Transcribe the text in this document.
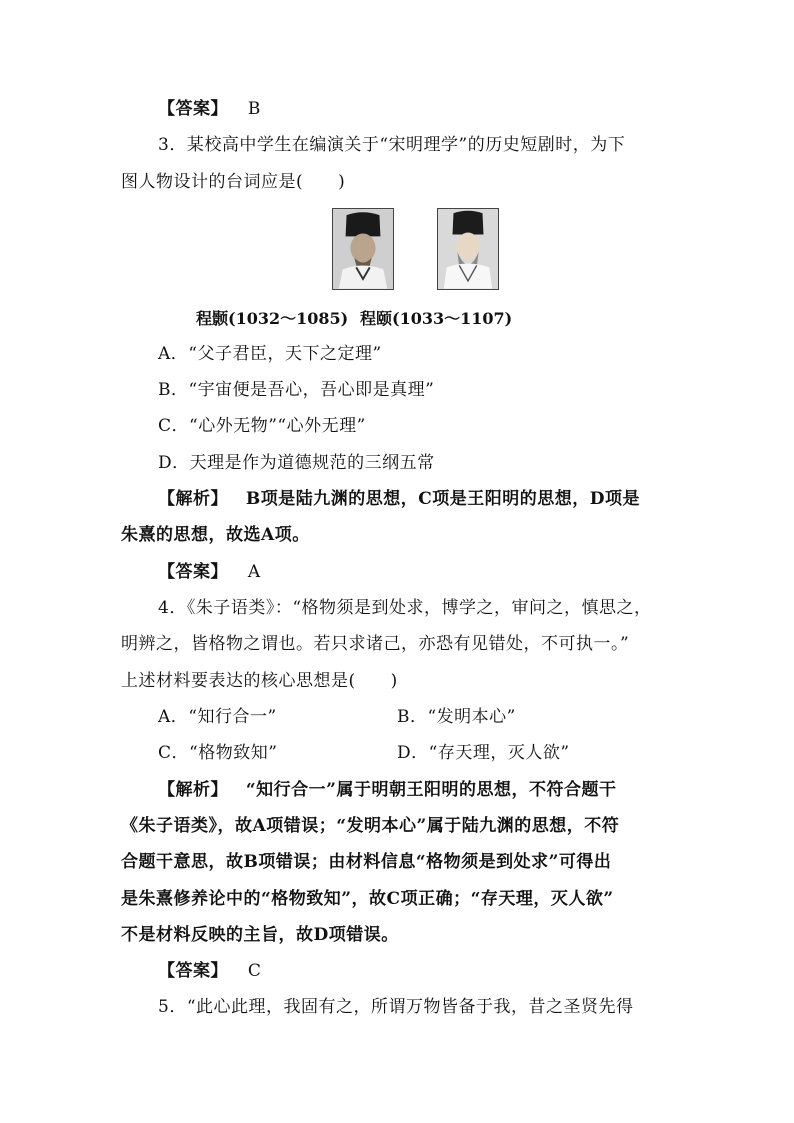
【答案】 B
3．某校高中学生在编演关于“宋明理学”的历史短剧时，为下
图人物设计的台词应是(　　)
程颢(1032～1085) 程颐(1033～1107)
A．“父子君臣，天下之定理”
B．“宇宙便是吾心，吾心即是真理”
C．“心外无物”“心外无理”
D．天理是作为道德规范的三纲五常
【解析】 B项是陆九渊的思想，C项是王阳明的思想，D项是
朱熹的思想，故选A项。
【答案】 A
4．《朱子语类》：“格物须是到处求，博学之，审问之，慎思之，
明辨之，皆格物之谓也。若只求诸己，亦恐有见错处，不可执一。”
上述材料要表达的核心思想是(　　)
A．“知行合一”	B．“发明本心”
C．“格物致知”	D．“存天理，灭人欲”
【解析】 “知行合一”属于明朝王阳明的思想，不符合题干
《朱子语类》，故A项错误；“发明本心”属于陆九渊的思想，不符
合题干意思，故B项错误；由材料信息“格物须是到处求”可得出
是朱熹修养论中的“格物致知”，故C项正确；“存天理，灭人欲”
不是材料反映的主旨，故D项错误。
【答案】 C
5．“此心此理，我固有之，所谓万物皆备于我，昔之圣贤先得
